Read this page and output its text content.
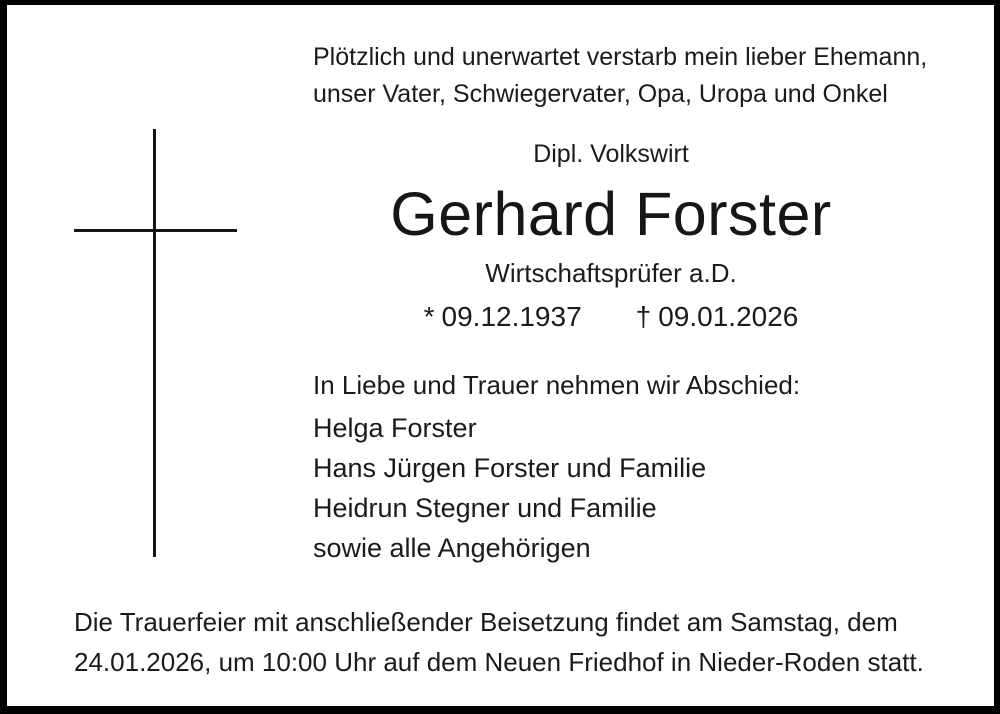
Plötzlich und unerwartet verstarb mein lieber Ehemann,
unser Vater, Schwiegervater, Opa, Uropa und Onkel
Dipl. Volkswirt
Gerhard Forster
Wirtschaftsprüfer a.D.
* 09.12.1937 † 09.01.2026
In Liebe und Trauer nehmen wir Abschied:
Helga Forster
Hans Jürgen Forster und Familie
Heidrun Stegner und Familie
sowie alle Angehörigen
Die Trauerfeier mit anschließender Beisetzung findet am Samstag, dem
24.01.2026, um 10:00 Uhr auf dem Neuen Friedhof in Nieder-Roden statt.
